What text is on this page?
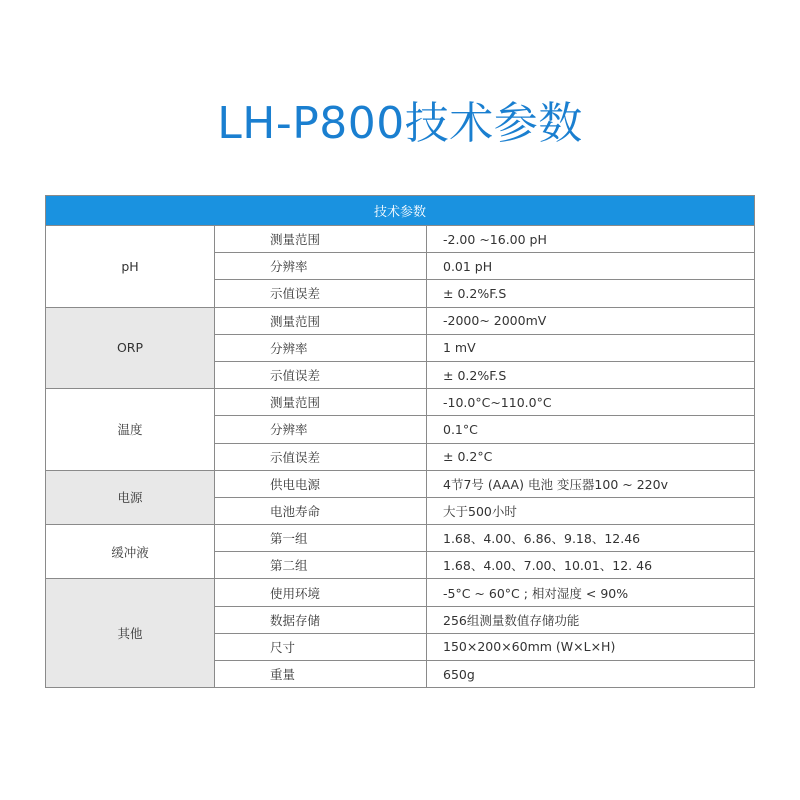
LH-P800技术参数
技术参数		
pH	测量范围	-2.00 ~16.00 pH
	分辨率	0.01 pH
	示值误差	± 0.2%F.S
ORP	测量范围	-2000~ 2000mV
	分辨率	1 mV
	示值误差	± 0.2%F.S
温度	测量范围	-10.0°C~110.0°C
	分辨率	0.1°C
	示值误差	± 0.2°C
电源	供电电源	4节7号 (AAA) 电池 变压器100 ~ 220v
	电池寿命	大于500小时
缓冲液	第一组	1.68、4.00、6.86、9.18、12.46
	第二组	1.68、4.00、7.00、10.01、12. 46
其他	使用环境	-5°C ~ 60°C ; 相对湿度 < 90%
	数据存储	256组测量数值存储功能
	尺寸	150×200×60mm (W×L×H)
	重量	650g
